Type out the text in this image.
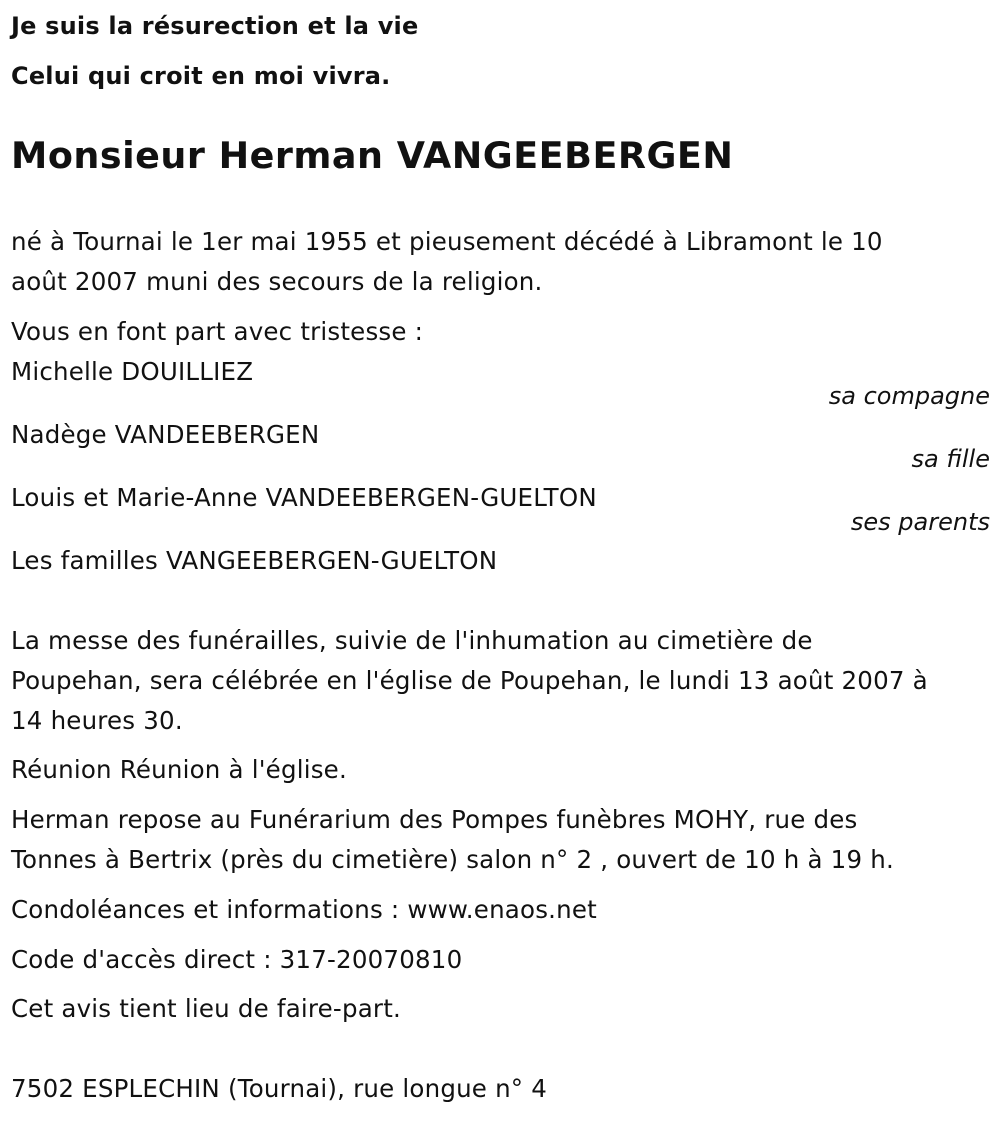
Je suis la résurection et la vie
Celui qui croit en moi vivra.
Monsieur Herman VANGEEBERGEN
né à Tournai le 1er mai 1955 et pieusement décédé à Libramont le 10
août 2007 muni des secours de la religion.
Vous en font part avec tristesse :
Michelle DOUILLIEZ
sa compagne
Nadège VANDEEBERGEN
sa fille
Louis et Marie-Anne VANDEEBERGEN-GUELTON
ses parents
Les familles VANGEEBERGEN-GUELTON
La messe des funérailles, suivie de l'inhumation au cimetière de
Poupehan, sera célébrée en l'église de Poupehan, le lundi 13 août 2007 à
14 heures 30.
Réunion Réunion à l'église.
Herman repose au Funérarium des Pompes funèbres MOHY, rue des
Tonnes à Bertrix (près du cimetière) salon n° 2 , ouvert de 10 h à 19 h.
Condoléances et informations : www.enaos.net
Code d'accès direct : 317-20070810
Cet avis tient lieu de faire-part.
7502 ESPLECHIN (Tournai), rue longue n° 4
